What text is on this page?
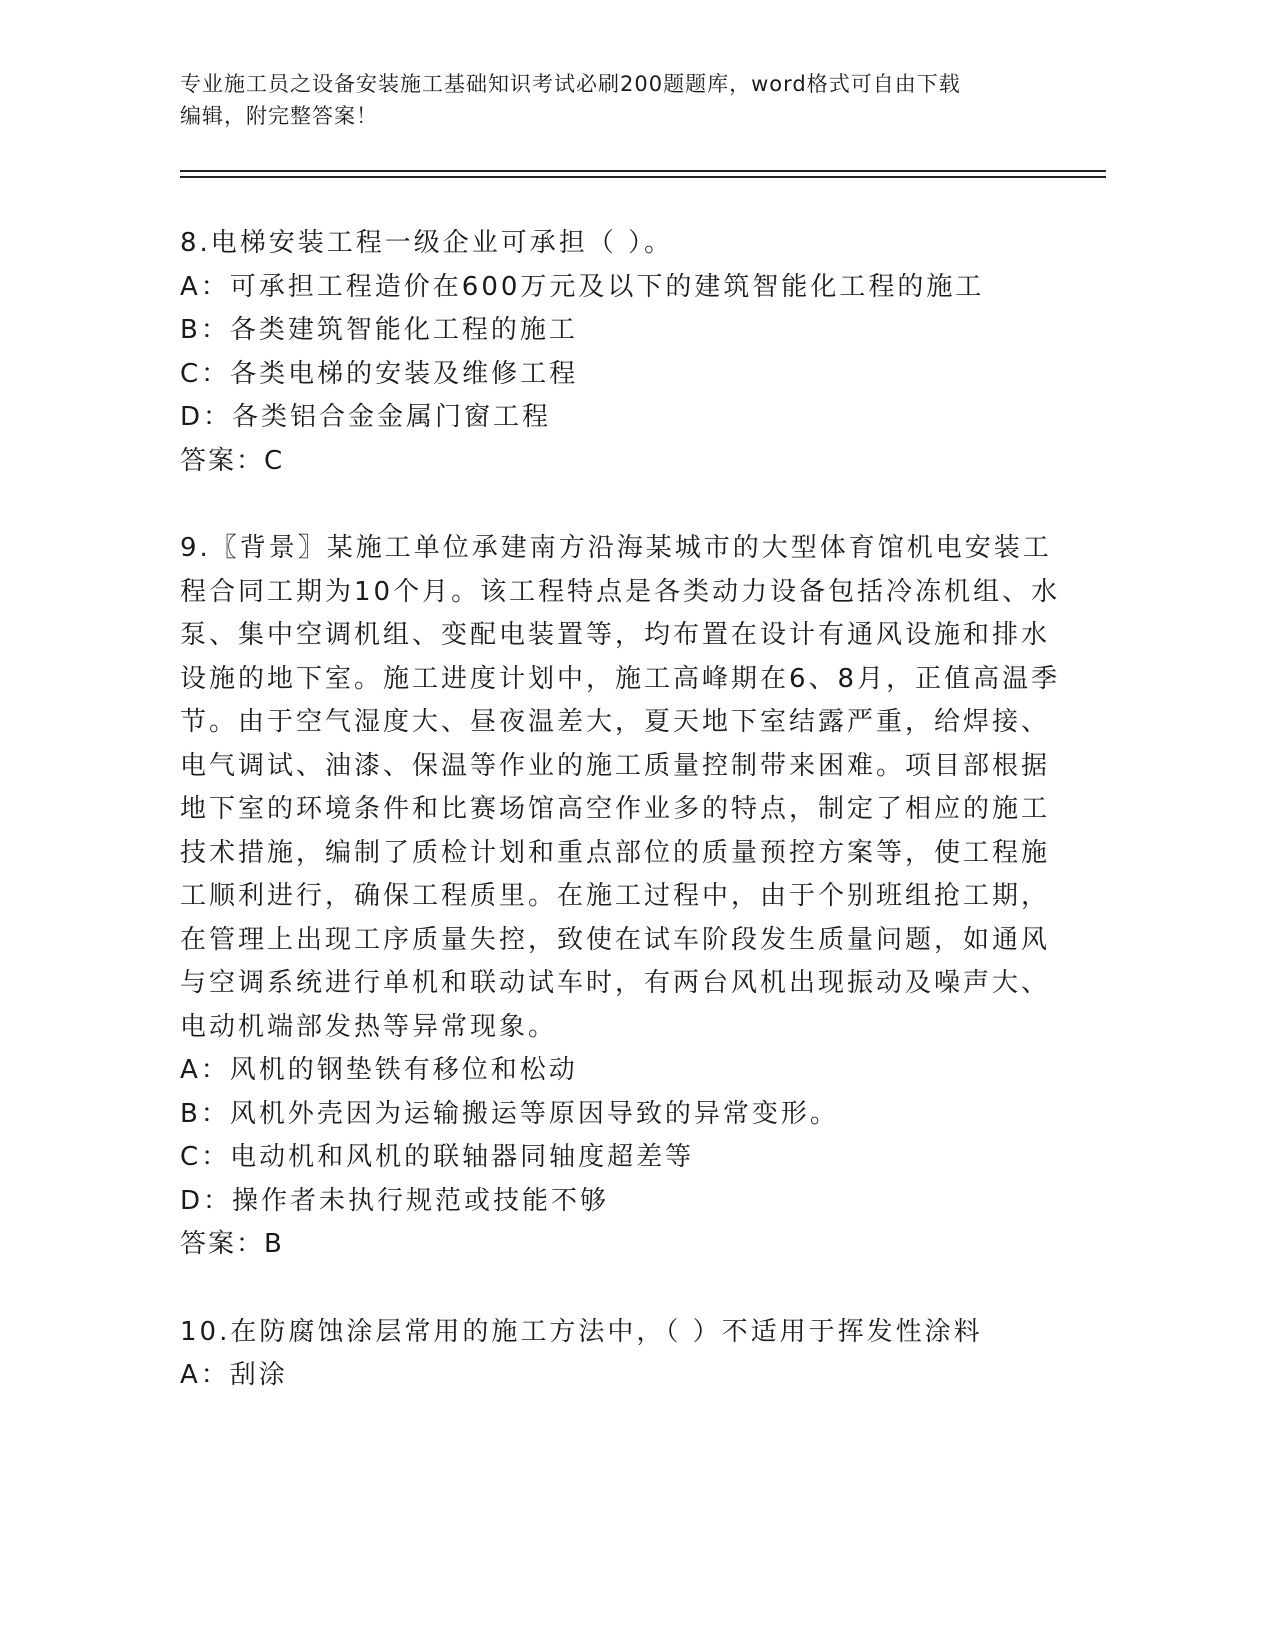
专业施工员之设备安装施工基础知识考试必刷200题题库，word格式可自由下载
编辑，附完整答案！
8.电梯安装工程一级企业可承担（ ）。
A：可承担工程造价在600万元及以下的建筑智能化工程的施工
B：各类建筑智能化工程的施工
C：各类电梯的安装及维修工程
D：各类铝合金金属门窗工程
答案：C
9.〖背景〗某施工单位承建南方沿海某城市的大型体育馆机电安装工
程合同工期为10个月。该工程特点是各类动力设备包括冷冻机组、水
泵、集中空调机组、变配电装置等，均布置在设计有通风设施和排水
设施的地下室。施工进度计划中，施工高峰期在6、8月，正值高温季
节。由于空气湿度大、昼夜温差大，夏天地下室结露严重，给焊接、
电气调试、油漆、保温等作业的施工质量控制带来困难。项目部根据
地下室的环境条件和比赛场馆高空作业多的特点，制定了相应的施工
技术措施，编制了质检计划和重点部位的质量预控方案等，使工程施
工顺利进行，确保工程质里。在施工过程中，由于个别班组抢工期，
在管理上出现工序质量失控，致使在试车阶段发生质量问题，如通风
与空调系统进行单机和联动试车时，有两台风机出现振动及噪声大、
电动机端部发热等异常现象。
A：风机的钢垫铁有移位和松动
B：风机外壳因为运输搬运等原因导致的异常变形。
C：电动机和风机的联轴器同轴度超差等
D：操作者未执行规范或技能不够
答案：B
10.在防腐蚀涂层常用的施工方法中，（ ）不适用于挥发性涂料
A：刮涂
